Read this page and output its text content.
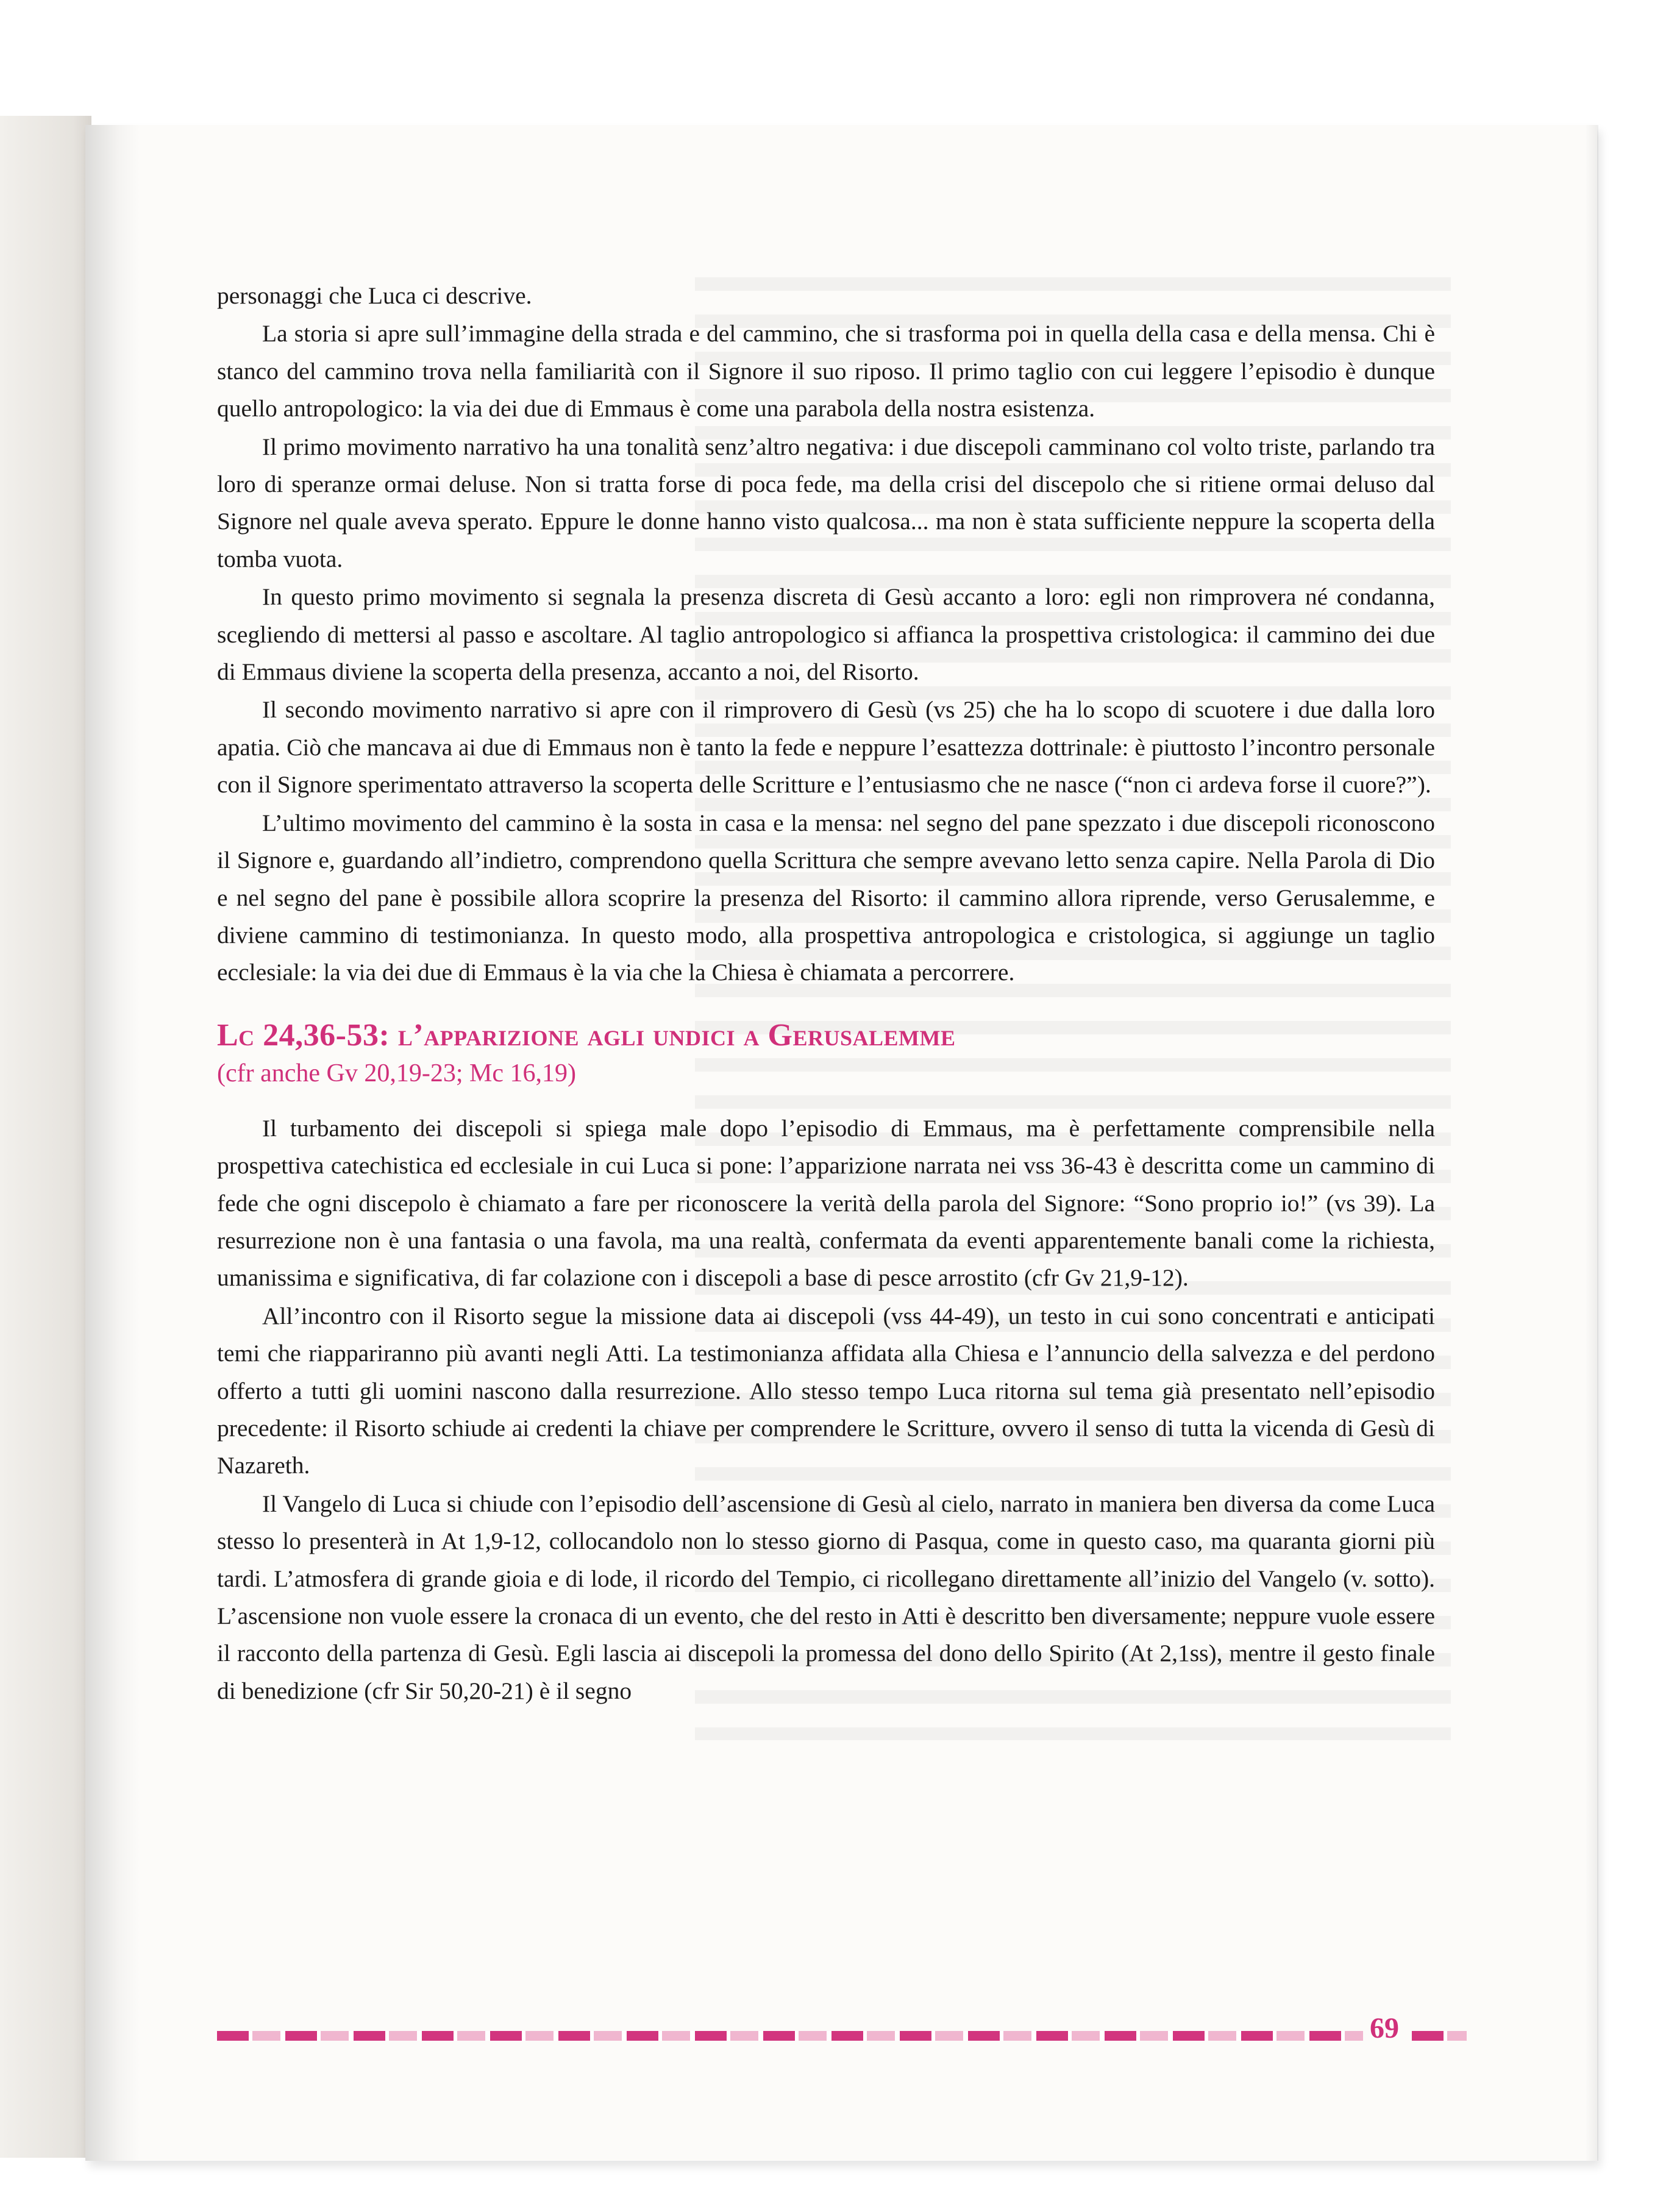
personaggi che Luca ci descrive.

La storia si apre sull’immagine della strada e del cammino, che si trasforma poi in quella della casa e della mensa. Chi è stanco del cammino trova nella familiarità con il Signore il suo riposo. Il primo taglio con cui leggere l’episodio è dunque quello antropologico: la via dei due di Emmaus è come una parabola della nostra esistenza.

Il primo movimento narrativo ha una tonalità senz’altro negativa: i due discepoli camminano col volto triste, parlando tra loro di speranze ormai deluse. Non si tratta forse di poca fede, ma della crisi del discepolo che si ritiene ormai deluso dal Signore nel quale aveva sperato. Eppure le donne hanno visto qualcosa... ma non è stata sufficiente neppure la scoperta della tomba vuota.

In questo primo movimento si segnala la presenza discreta di Gesù accanto a loro: egli non rimprovera né condanna, scegliendo di mettersi al passo e ascoltare. Al taglio antropologico si affianca la prospettiva cristologica: il cammino dei due di Emmaus diviene la scoperta della presenza, accanto a noi, del Risorto.

Il secondo movimento narrativo si apre con il rimprovero di Gesù (vs 25) che ha lo scopo di scuotere i due dalla loro apatia. Ciò che mancava ai due di Emmaus non è tanto la fede e neppure l’esattezza dottrinale: è piuttosto l’incontro personale con il Signore sperimentato attraverso la scoperta delle Scritture e l’entusiasmo che ne nasce (“non ci ardeva forse il cuore?”).

L’ultimo movimento del cammino è la sosta in casa e la mensa: nel segno del pane spezzato i due discepoli riconoscono il Signore e, guardando all’indietro, comprendono quella Scrittura che sempre avevano letto senza capire. Nella Parola di Dio e nel segno del pane è possibile allora scoprire la presenza del Risorto: il cammino allora riprende, verso Gerusalemme, e diviene cammino di testimonianza. In questo modo, alla prospettiva antropologica e cristologica, si aggiunge un taglio ecclesiale: la via dei due di Emmaus è la via che la Chiesa è chiamata a percorrere.

Lc 24,36-53: l’apparizione agli undici a Gerusalemme
(cfr anche Gv 20,19-23; Mc 16,19)

Il turbamento dei discepoli si spiega male dopo l’episodio di Emmaus, ma è perfettamente comprensibile nella prospettiva catechistica ed ecclesiale in cui Luca si pone: l’apparizione narrata nei vss 36-43 è descritta come un cammino di fede che ogni discepolo è chiamato a fare per riconoscere la verità della parola del Signore: “Sono proprio io!” (vs 39). La resurrezione non è una fantasia o una favola, ma una realtà, confermata da eventi apparentemente banali come la richiesta, umanissima e significativa, di far colazione con i discepoli a base di pesce arrostito (cfr Gv 21,9-12).

All’incontro con il Risorto segue la missione data ai discepoli (vss 44-49), un testo in cui sono concentrati e anticipati temi che riappariranno più avanti negli Atti. La testimonianza affidata alla Chiesa e l’annuncio della salvezza e del perdono offerto a tutti gli uomini nascono dalla resurrezione. Allo stesso tempo Luca ritorna sul tema già presentato nell’episodio precedente: il Risorto schiude ai credenti la chiave per comprendere le Scritture, ovvero il senso di tutta la vicenda di Gesù di Nazareth.

Il Vangelo di Luca si chiude con l’episodio dell’ascensione di Gesù al cielo, narrato in maniera ben diversa da come Luca stesso lo presenterà in At 1,9-12, collocandolo non lo stesso giorno di Pasqua, come in questo caso, ma quaranta giorni più tardi. L’atmosfera di grande gioia e di lode, il ricordo del Tempio, ci ricollegano direttamente all’inizio del Vangelo (v. sotto). L’ascensione non vuole essere la cronaca di un evento, che del resto in Atti è descritto ben diversamente; neppure vuole essere il racconto della partenza di Gesù. Egli lascia ai discepoli la promessa del dono dello Spirito (At 2,1ss), mentre il gesto finale di benedizione (cfr Sir 50,20-21) è il segno

69
